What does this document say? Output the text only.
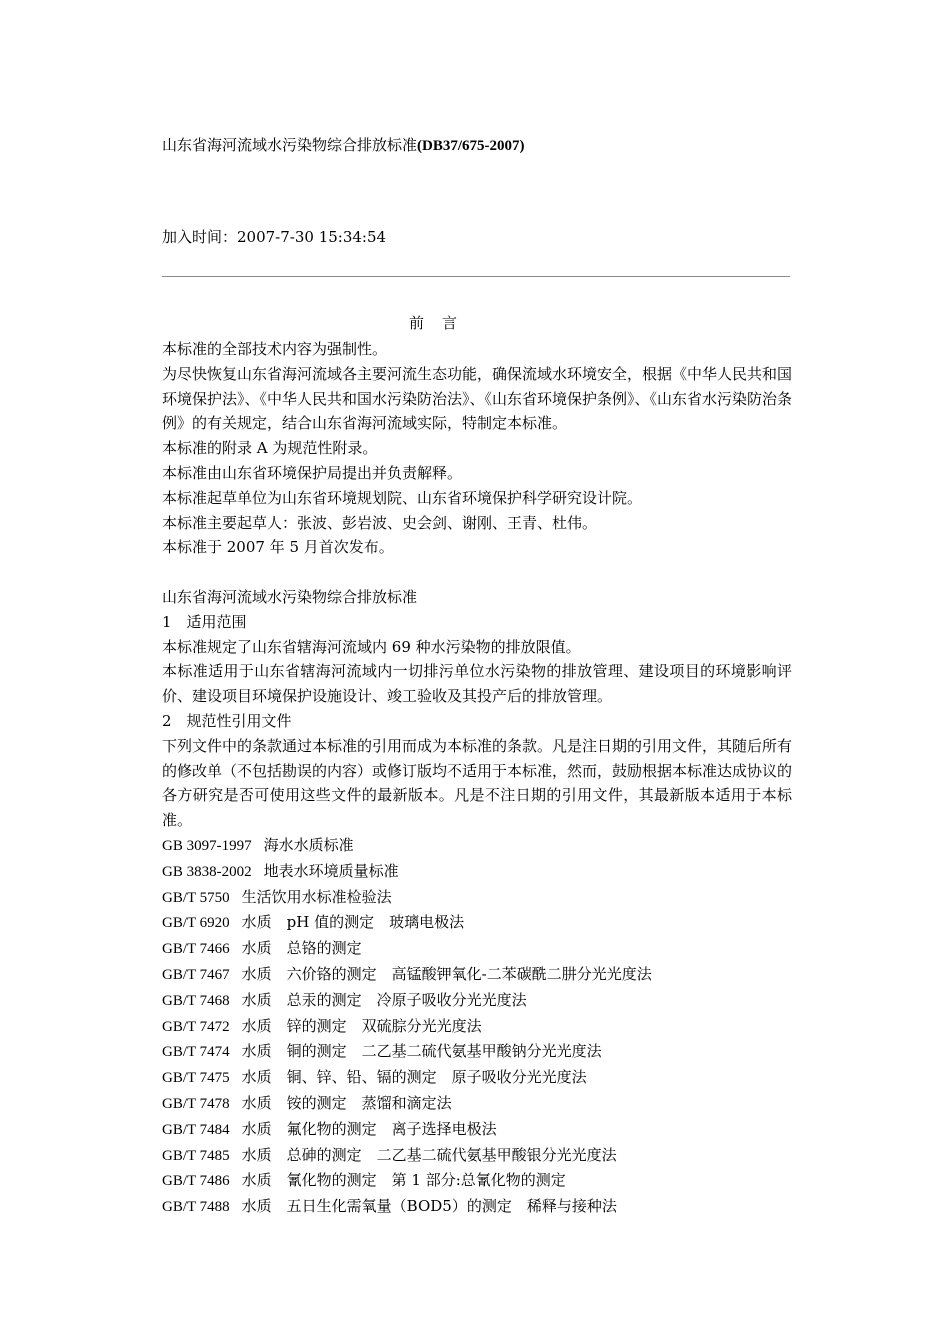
山东省海河流域水污染物综合排放标准(DB37/675-2007)
加入时间：2007-7-30 15:34:54
前言

本标准的全部技术内容为强制性。

为尽快恢复山东省海河流域各主要河流生态功能，确保流域水环境安全，根据《中华人民共和国环境保护法》、《中华人民共和国水污染防治法》、《山东省环境保护条例》、《山东省水污染防治条例》的有关规定，结合山东省海河流域实际，特制定本标准。

本标准的附录 A 为规范性附录。

本标准由山东省环境保护局提出并负责解释。

本标准起草单位为山东省环境规划院、山东省环境保护科学研究设计院。

本标准主要起草人：张波、彭岩波、史会剑、谢刚、王青、杜伟。

本标准于 2007 年 5 月首次发布。

山东省海河流域水污染物综合排放标准

1　适用范围

本标准规定了山东省辖海河流域内 69 种水污染物的排放限值。

本标准适用于山东省辖海河流域内一切排污单位水污染物的排放管理、建设项目的环境影响评价、建设项目环境保护设施设计、竣工验收及其投产后的排放管理。

2　规范性引用文件

下列文件中的条款通过本标准的引用而成为本标准的条款。凡是注日期的引用文件，其随后所有的修改单（不包括勘误的内容）或修订版均不适用于本标准，然而，鼓励根据本标准达成协议的各方研究是否可使用这些文件的最新版本。凡是不注日期的引用文件，其最新版本适用于本标准。

GB 3097-1997 海水水质标准

GB 3838-2002 地表水环境质量标准

GB/T 5750 生活饮用水标准检验法

GB/T 6920 水质　pH 值的测定　玻璃电极法

GB/T 7466 水质　总铬的测定

GB/T 7467 水质　六价铬的测定　高锰酸钾氧化-二苯碳酰二肼分光光度法

GB/T 7468 水质　总汞的测定　冷原子吸收分光光度法

GB/T 7472 水质　锌的测定　双硫腙分光光度法

GB/T 7474 水质　铜的测定　二乙基二硫代氨基甲酸钠分光光度法

GB/T 7475 水质　铜、锌、铅、镉的测定　原子吸收分光光度法

GB/T 7478 水质　铵的测定　蒸馏和滴定法

GB/T 7484 水质　氟化物的测定　离子选择电极法

GB/T 7485 水质　总砷的测定　二乙基二硫代氨基甲酸银分光光度法

GB/T 7486 水质　氰化物的测定　第 1 部分:总氰化物的测定

GB/T 7488 水质　五日生化需氧量（BOD5）的测定　稀释与接种法
